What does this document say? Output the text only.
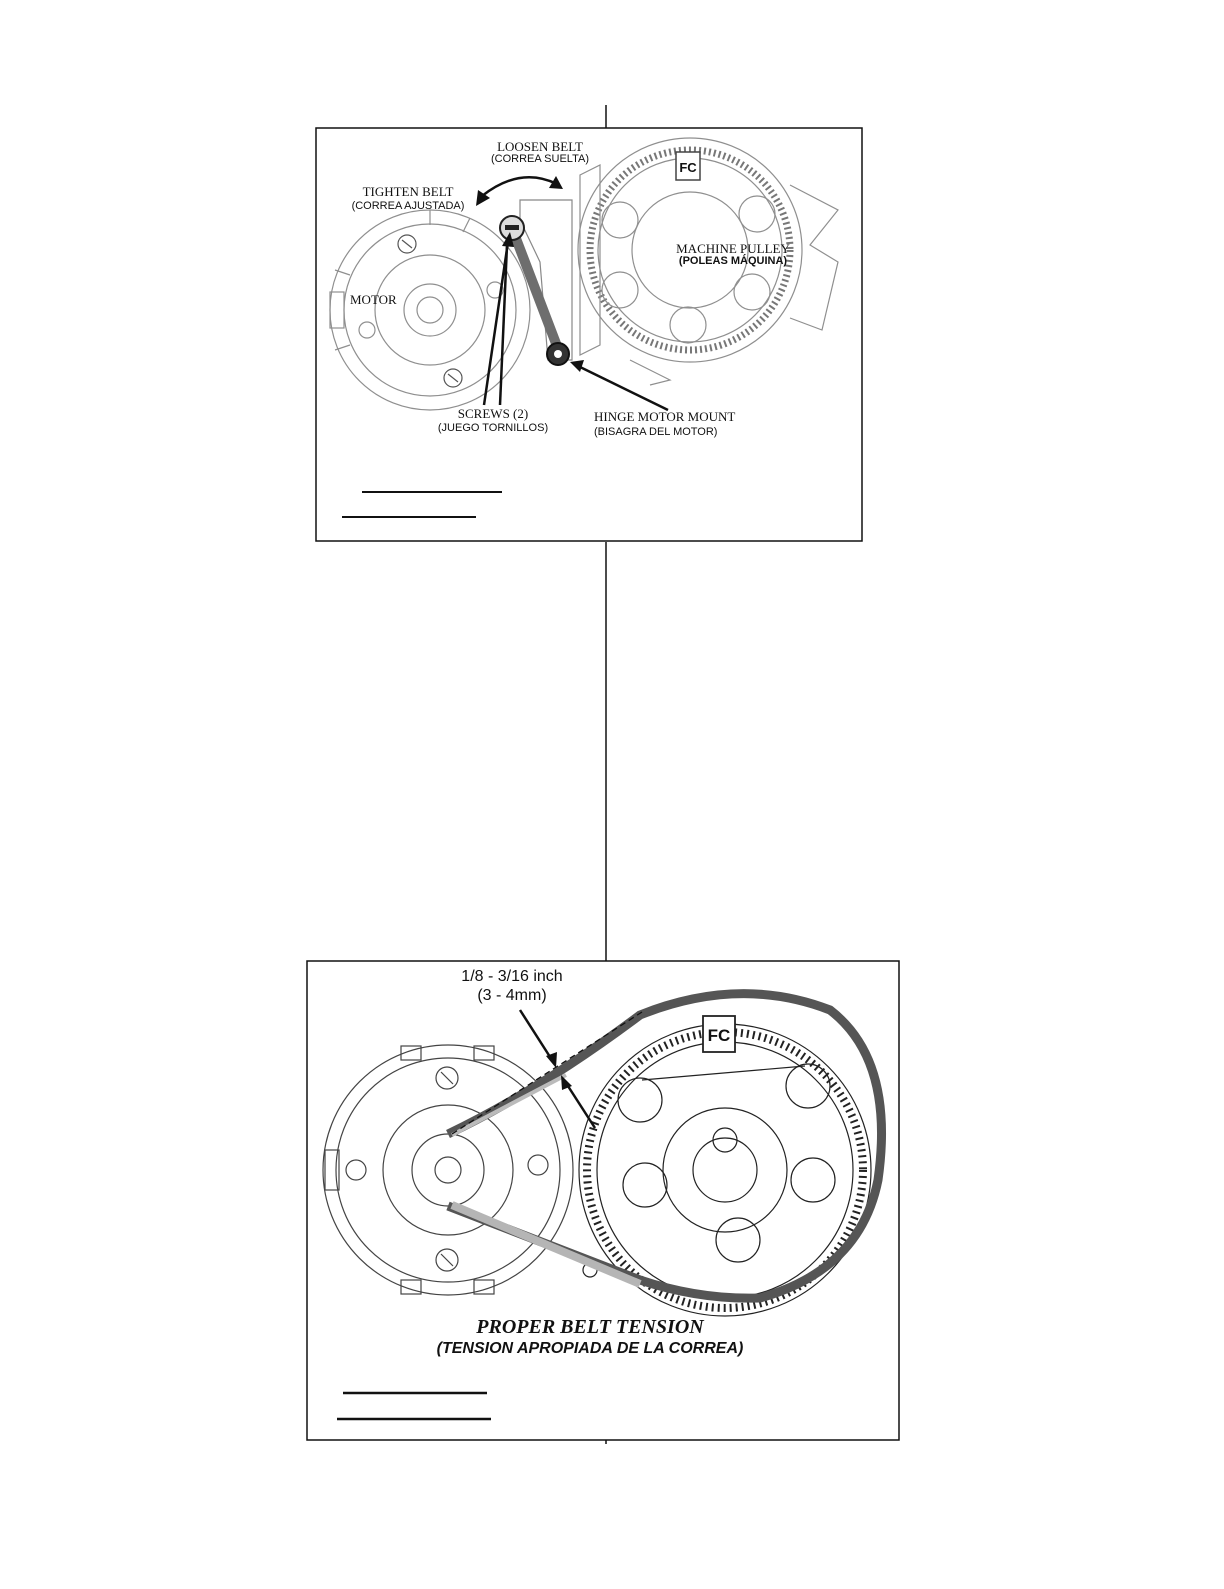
FC
LOOSEN BELT
(CORREA SUELTA)
TIGHTEN BELT
(CORREA AJUSTADA)
MACHINE PULLEY
(POLEAS MÁQUINA)
MOTOR
SCREWS (2)
(JUEGO TORNILLOS)
HINGE MOTOR MOUNT
(BISAGRA DEL MOTOR)
FC
1/8 - 3/16 inch
(3 - 4mm)
PROPER BELT TENSION
(TENSION APROPIADA DE LA CORREA)
